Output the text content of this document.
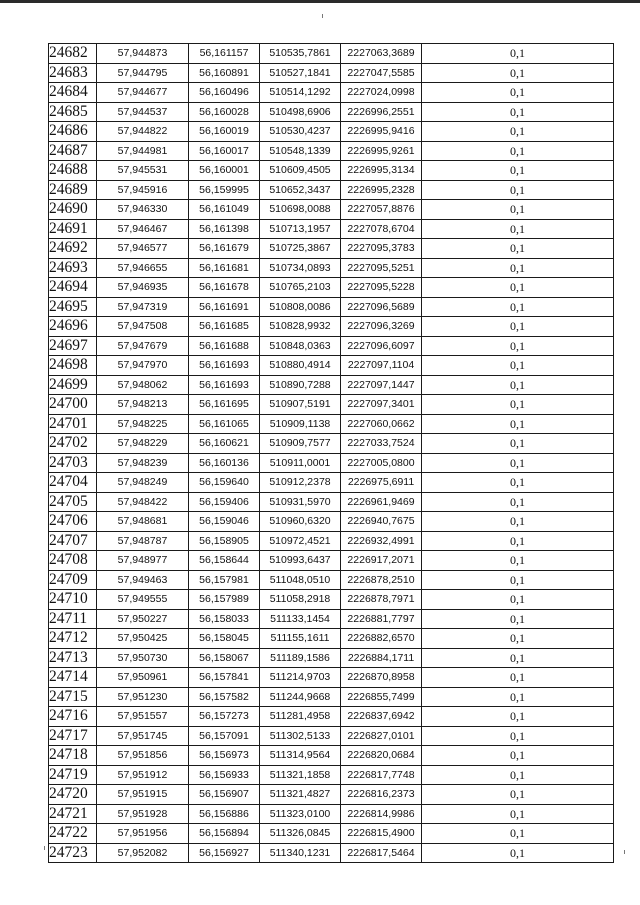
24682	57,944873	56,161157	510535,7861	2227063,3689	0,1
24683	57,944795	56,160891	510527,1841	2227047,5585	0,1
24684	57,944677	56,160496	510514,1292	2227024,0998	0,1
24685	57,944537	56,160028	510498,6906	2226996,2551	0,1
24686	57,944822	56,160019	510530,4237	2226995,9416	0,1
24687	57,944981	56,160017	510548,1339	2226995,9261	0,1
24688	57,945531	56,160001	510609,4505	2226995,3134	0,1
24689	57,945916	56,159995	510652,3437	2226995,2328	0,1
24690	57,946330	56,161049	510698,0088	2227057,8876	0,1
24691	57,946467	56,161398	510713,1957	2227078,6704	0,1
24692	57,946577	56,161679	510725,3867	2227095,3783	0,1
24693	57,946655	56,161681	510734,0893	2227095,5251	0,1
24694	57,946935	56,161678	510765,2103	2227095,5228	0,1
24695	57,947319	56,161691	510808,0086	2227096,5689	0,1
24696	57,947508	56,161685	510828,9932	2227096,3269	0,1
24697	57,947679	56,161688	510848,0363	2227096,6097	0,1
24698	57,947970	56,161693	510880,4914	2227097,1104	0,1
24699	57,948062	56,161693	510890,7288	2227097,1447	0,1
24700	57,948213	56,161695	510907,5191	2227097,3401	0,1
24701	57,948225	56,161065	510909,1138	2227060,0662	0,1
24702	57,948229	56,160621	510909,7577	2227033,7524	0,1
24703	57,948239	56,160136	510911,0001	2227005,0800	0,1
24704	57,948249	56,159640	510912,2378	2226975,6911	0,1
24705	57,948422	56,159406	510931,5970	2226961,9469	0,1
24706	57,948681	56,159046	510960,6320	2226940,7675	0,1
24707	57,948787	56,158905	510972,4521	2226932,4991	0,1
24708	57,948977	56,158644	510993,6437	2226917,2071	0,1
24709	57,949463	56,157981	511048,0510	2226878,2510	0,1
24710	57,949555	56,157989	511058,2918	2226878,7971	0,1
24711	57,950227	56,158033	511133,1454	2226881,7797	0,1
24712	57,950425	56,158045	511155,1611	2226882,6570	0,1
24713	57,950730	56,158067	511189,1586	2226884,1711	0,1
24714	57,950961	56,157841	511214,9703	2226870,8958	0,1
24715	57,951230	56,157582	511244,9668	2226855,7499	0,1
24716	57,951557	56,157273	511281,4958	2226837,6942	0,1
24717	57,951745	56,157091	511302,5133	2226827,0101	0,1
24718	57,951856	56,156973	511314,9564	2226820,0684	0,1
24719	57,951912	56,156933	511321,1858	2226817,7748	0,1
24720	57,951915	56,156907	511321,4827	2226816,2373	0,1
24721	57,951928	56,156886	511323,0100	2226814,9986	0,1
24722	57,951956	56,156894	511326,0845	2226815,4900	0,1
24723	57,952082	56,156927	511340,1231	2226817,5464	0,1
